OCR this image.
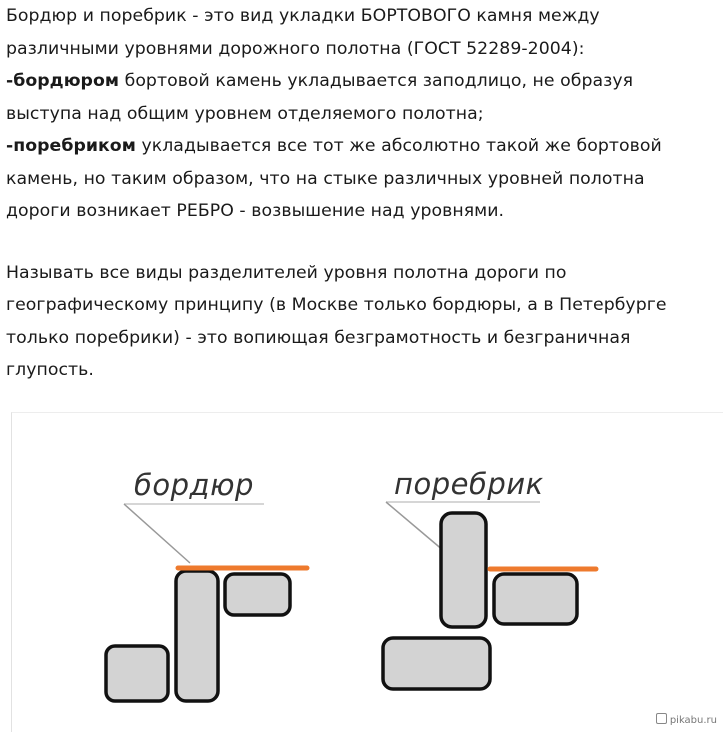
Бордюр и поребрик - это вид укладки БОРТОВОГО камня между
различными уровнями дорожного полотна (ГОСТ 52289-2004):
-бордюром бортовой камень укладывается заподлицо, не образуя
выступа над общим уровнем отделяемого полотна;
-поребриком укладывается все тот же абсолютно такой же бортовой
камень, но таким образом, что на стыке различных уровней полотна
дороги возникает РЕБРО - возвышение над уровнями.

Называть все виды разделителей уровня полотна дороги по
географическому принципу (в Москве только бордюры, а в Петербурге
только поребрики) - это вопиющая безграмотность и безграничная
глупость.

бордюр	поребрик
pikabu.ru
